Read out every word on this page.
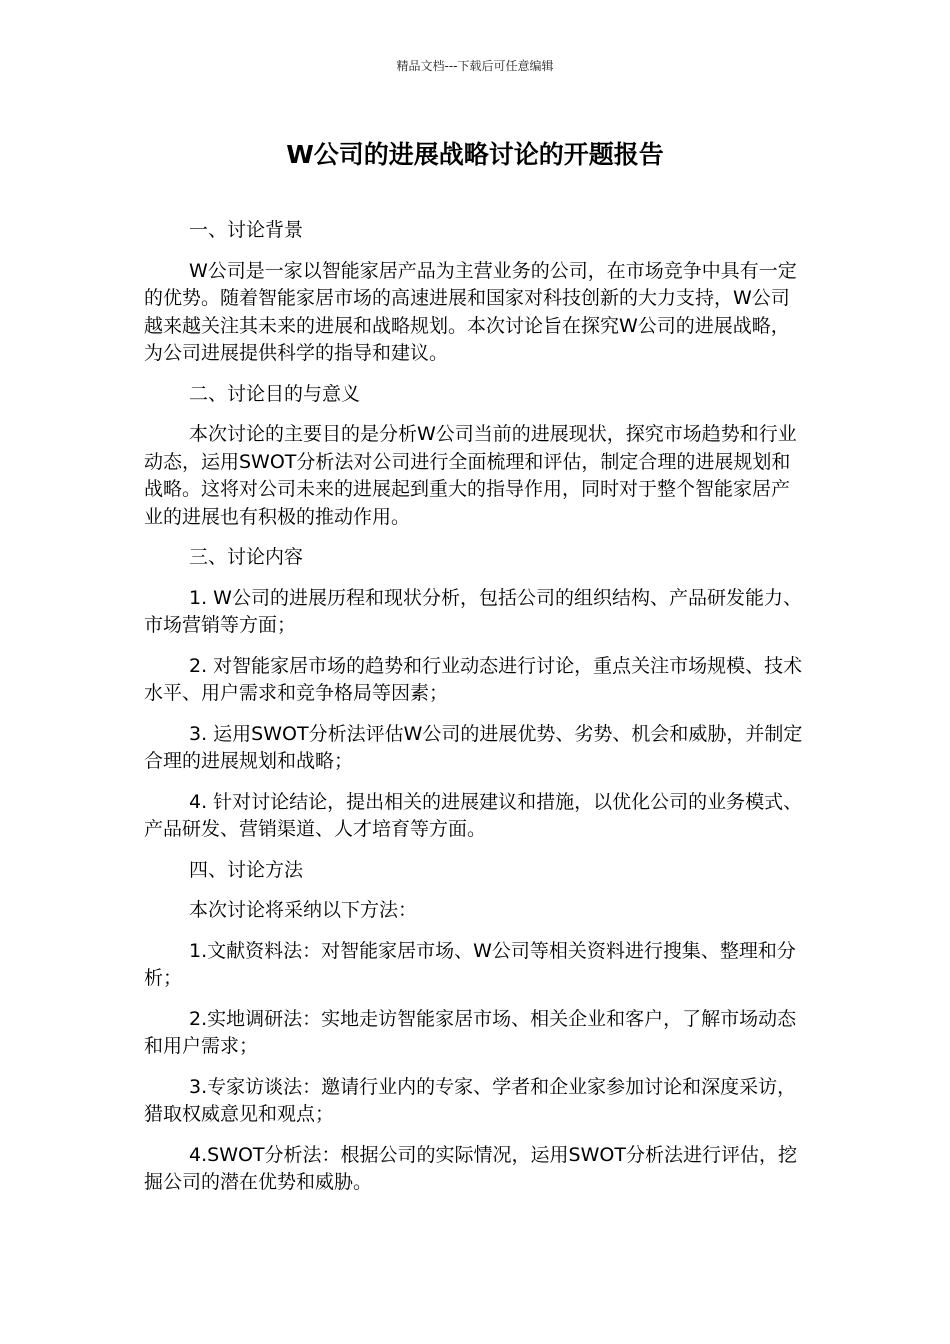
精品文档---下载后可任意编辑
W公司的进展战略讨论的开题报告

一、讨论背景

W公司是一家以智能家居产品为主营业务的公司，在市场竞争中具有一定的优势。随着智能家居市场的高速进展和国家对科技创新的大力支持，W公司越来越关注其未来的进展和战略规划。本次讨论旨在探究W公司的进展战略，为公司进展提供科学的指导和建议。

二、讨论目的与意义

本次讨论的主要目的是分析W公司当前的进展现状，探究市场趋势和行业动态，运用SWOT分析法对公司进行全面梳理和评估，制定合理的进展规划和战略。这将对公司未来的进展起到重大的指导作用，同时对于整个智能家居产业的进展也有积极的推动作用。

三、讨论内容

1. W公司的进展历程和现状分析，包括公司的组织结构、产品研发能力、市场营销等方面；

2. 对智能家居市场的趋势和行业动态进行讨论，重点关注市场规模、技术水平、用户需求和竞争格局等因素；

3. 运用SWOT分析法评估W公司的进展优势、劣势、机会和威胁，并制定合理的进展规划和战略；

4. 针对讨论结论，提出相关的进展建议和措施，以优化公司的业务模式、产品研发、营销渠道、人才培育等方面。

四、讨论方法

本次讨论将采纳以下方法：

1.文献资料法：对智能家居市场、W公司等相关资料进行搜集、整理和分析；

2.实地调研法：实地走访智能家居市场、相关企业和客户，了解市场动态和用户需求；

3.专家访谈法：邀请行业内的专家、学者和企业家参加讨论和深度采访，猎取权威意见和观点；

4.SWOT分析法：根据公司的实际情况，运用SWOT分析法进行评估，挖掘公司的潜在优势和威胁。
